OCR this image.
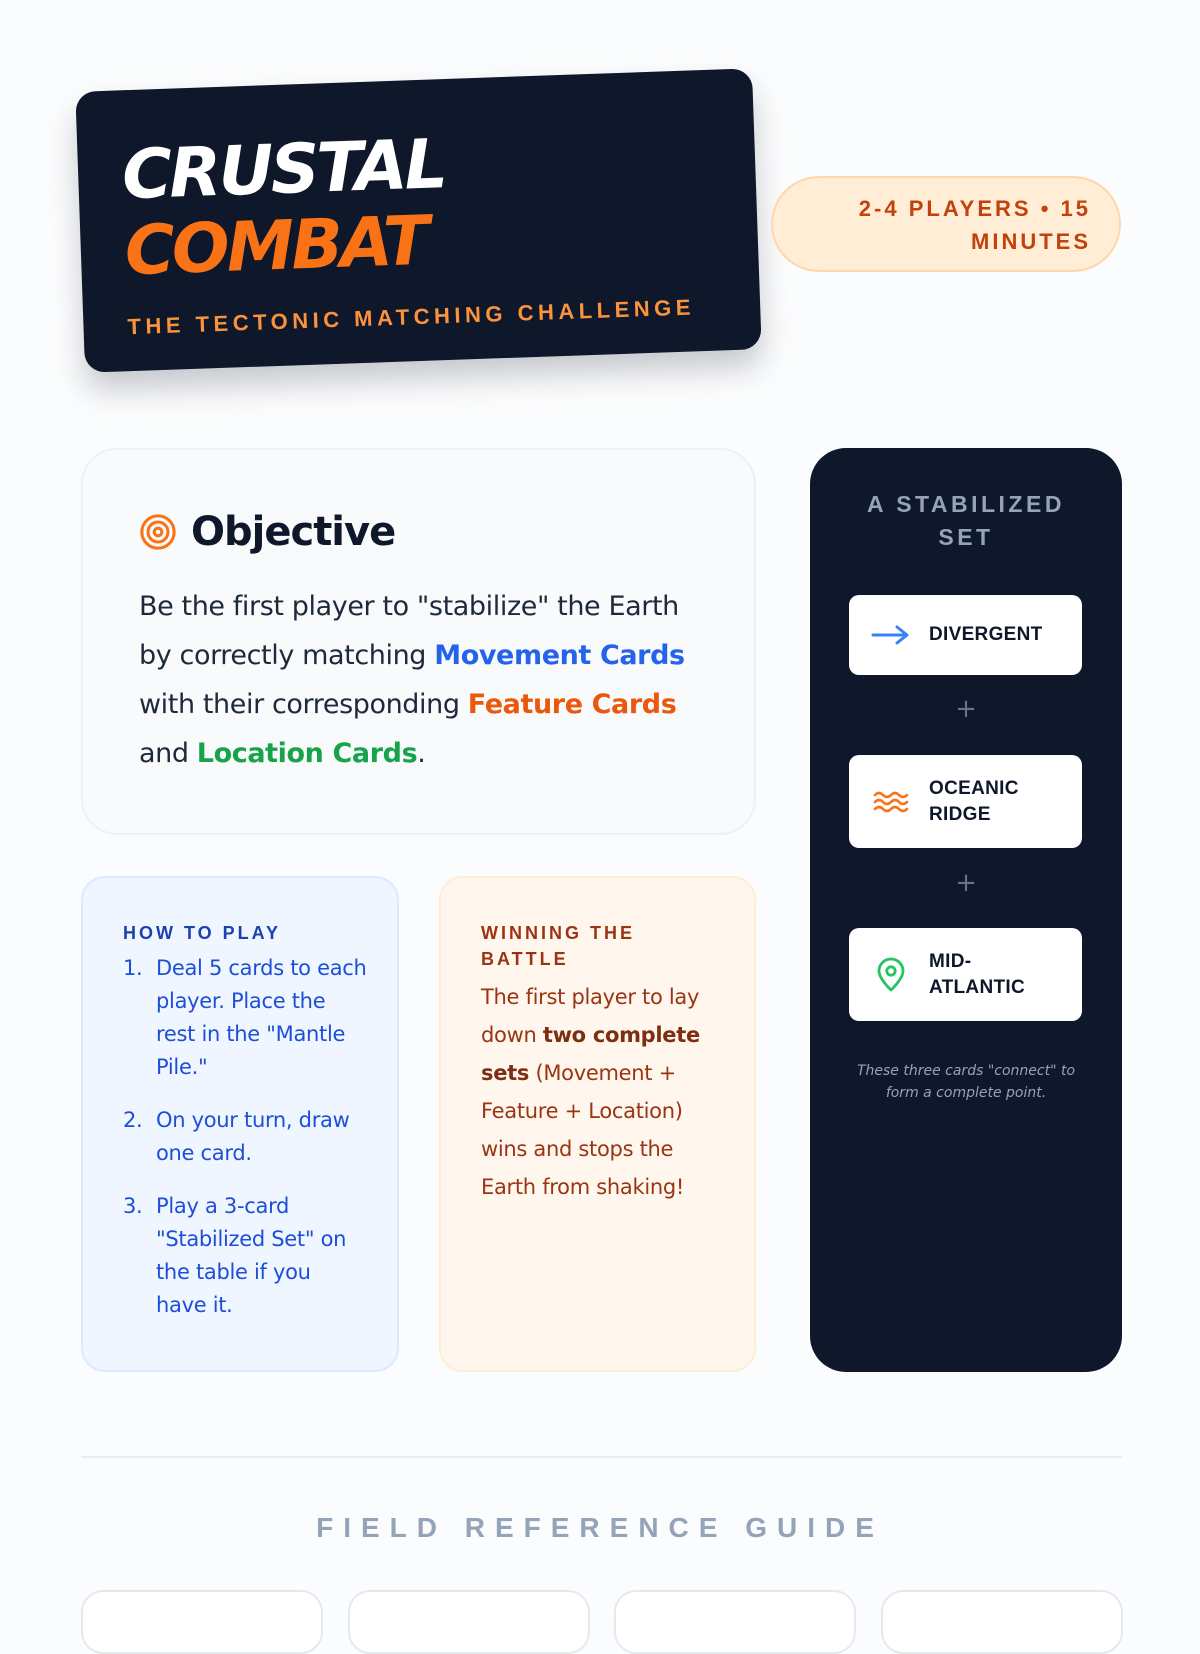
CRUSTAL
COMBAT
THE TECTONIC MATCHING CHALLENGE
2-4 PLAYERS • 15 MINUTES
Objective
Be the first player to "stabilize" the Earth by correctly matching Movement Cards with their corresponding Feature Cards and Location Cards.
HOW TO PLAY
1. Deal 5 cards to each player. Place the rest in the "Mantle Pile."
2. On your turn, draw one card.
3. Play a 3-card "Stabilized Set" on the table if you have it.
WINNING THE BATTLE
The first player to lay down two complete sets (Movement + Feature + Location) wins and stops the Earth from shaking!
A STABILIZED SET
DIVERGENT
+
OCEANIC RIDGE
+
MID-ATLANTIC
These three cards "connect" to form a complete point.
FIELD REFERENCE GUIDE
